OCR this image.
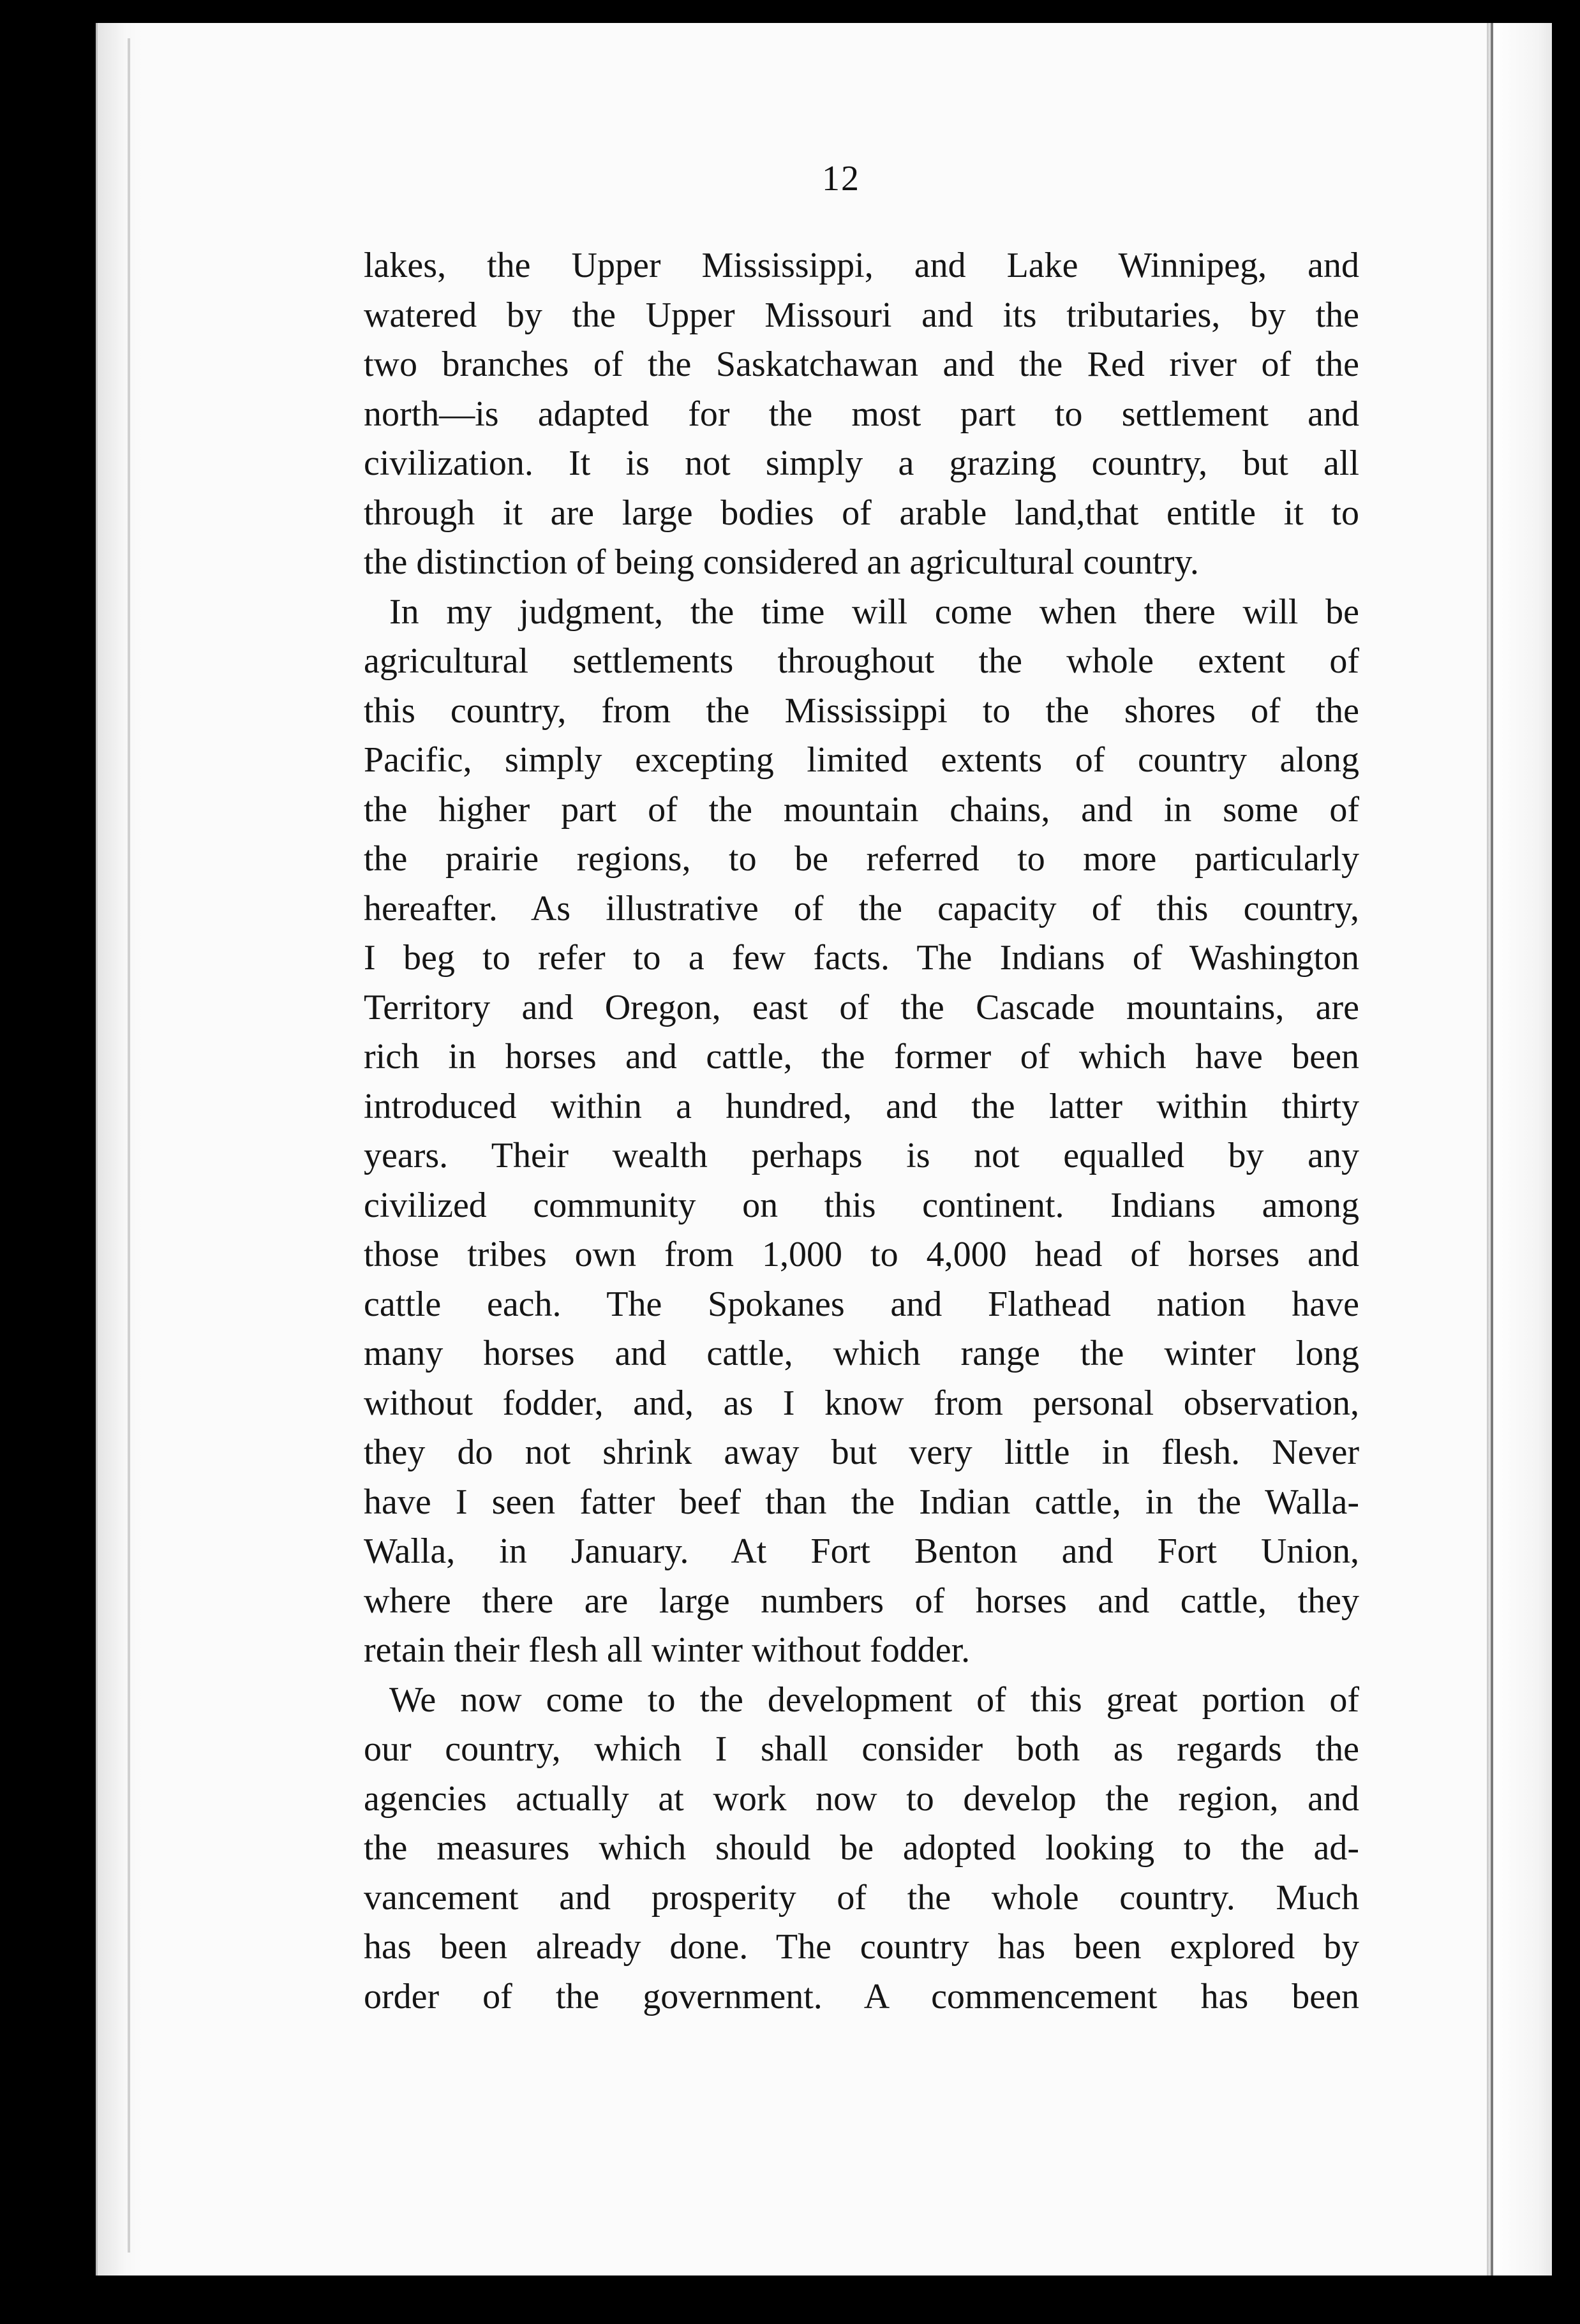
12
lakes, the Upper Mississippi, and Lake Winnipeg, and
watered by the Upper Missouri and its tributaries, by the
two branches of the Saskatchawan and the Red river of the
north—is adapted for the most part to settlement and
civilization. It is not simply a grazing country, but all
through it are large bodies of arable land,that entitle it to
the distinction of being considered an agricultural country.
In my judgment, the time will come when there will be
agricultural settlements throughout the whole extent of
this country, from the Mississippi to the shores of the
Pacific, simply excepting limited extents of country along
the higher part of the mountain chains, and in some of
the prairie regions, to be referred to more particularly
hereafter. As illustrative of the capacity of this country,
I beg to refer to a few facts. The Indians of Washington
Territory and Oregon, east of the Cascade mountains, are
rich in horses and cattle, the former of which have been
introduced within a hundred, and the latter within thirty
years. Their wealth perhaps is not equalled by any
civilized community on this continent. Indians among
those tribes own from 1,000 to 4,000 head of horses and
cattle each. The Spokanes and Flathead nation have
many horses and cattle, which range the winter long
without fodder, and, as I know from personal observation,
they do not shrink away but very little in flesh. Never
have I seen fatter beef than the Indian cattle, in the Walla-
Walla, in January. At Fort Benton and Fort Union,
where there are large numbers of horses and cattle, they
retain their flesh all winter without fodder.
We now come to the development of this great portion of
our country, which I shall consider both as regards the
agencies actually at work now to develop the region, and
the measures which should be adopted looking to the ad-
vancement and prosperity of the whole country. Much
has been already done. The country has been explored by
order of the government. A commencement has been
